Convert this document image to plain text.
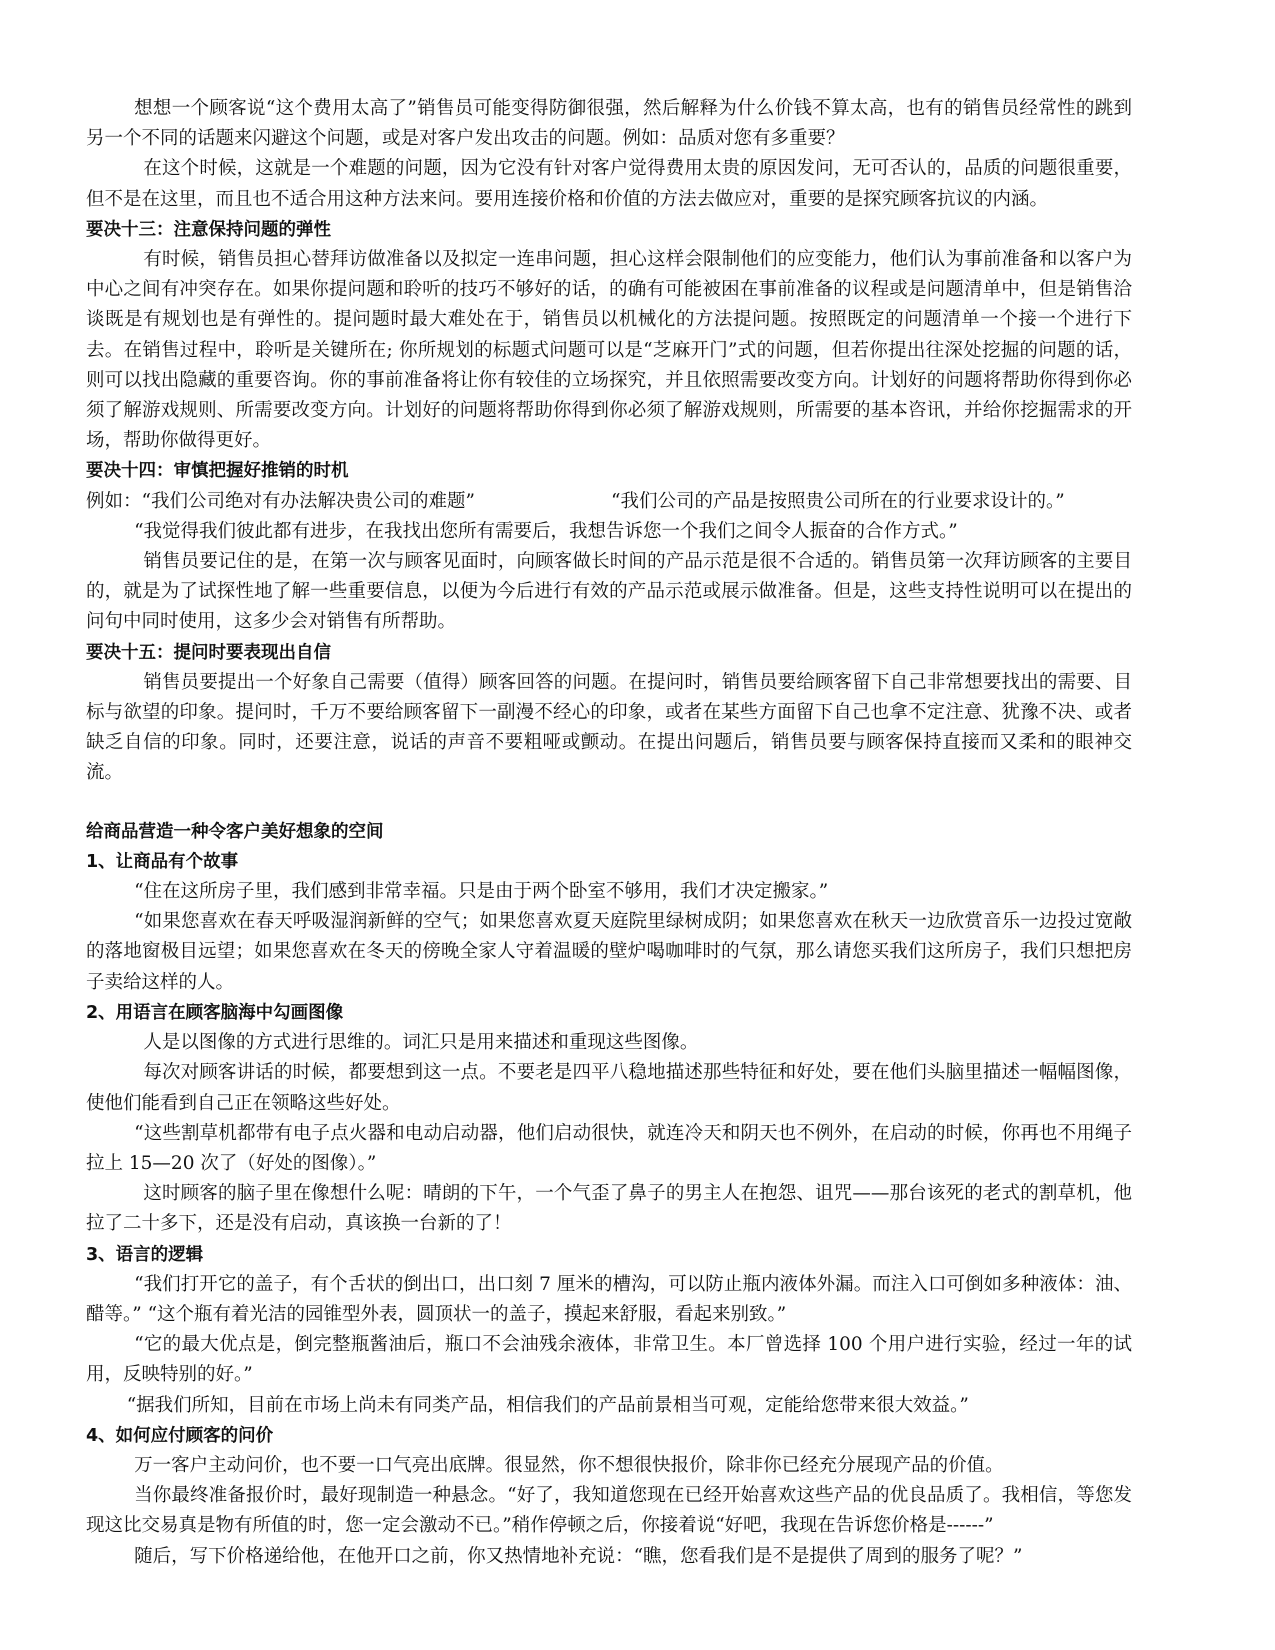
想想一个顾客说“这个费用太高了”销售员可能变得防御很强，然后解释为什么价钱不算太高，也有的销售员经常性的跳到另一个不同的话题来闪避这个问题，或是对客户发出攻击的问题。例如：品质对您有多重要？

在这个时候，这就是一个难题的问题，因为它没有针对客户觉得费用太贵的原因发问，无可否认的，品质的问题很重要，但不是在这里，而且也不适合用这种方法来问。要用连接价格和价值的方法去做应对，重要的是探究顾客抗议的内涵。

要决十三：注意保持问题的弹性

有时候，销售员担心替拜访做准备以及拟定一连串问题，担心这样会限制他们的应变能力，他们认为事前准备和以客户为中心之间有冲突存在。如果你提问题和聆听的技巧不够好的话，的确有可能被困在事前准备的议程或是问题清单中，但是销售洽谈既是有规划也是有弹性的。提问题时最大难处在于，销售员以机械化的方法提问题。按照既定的问题清单一个接一个进行下去。在销售过程中，聆听是关键所在; 你所规划的标题式问题可以是“芝麻开门”式的问题，但若你提出往深处挖掘的问题的话，则可以找出隐藏的重要咨询。你的事前准备将让你有较佳的立场探究，并且依照需要改变方向。计划好的问题将帮助你得到你必须了解游戏规则、所需要改变方向。计划好的问题将帮助你得到你必须了解游戏规则，所需要的基本咨讯，并给你挖掘需求的开场，帮助你做得更好。

要决十四：审慎把握好推销的时机

例如：“我们公司绝对有办法解决贵公司的难题”	“我们公司的产品是按照贵公司所在的行业要求设计的。”

“我觉得我们彼此都有进步，在我找出您所有需要后，我想告诉您一个我们之间令人振奋的合作方式。”

销售员要记住的是，在第一次与顾客见面时，向顾客做长时间的产品示范是很不合适的。销售员第一次拜访顾客的主要目的，就是为了试探性地了解一些重要信息，以便为今后进行有效的产品示范或展示做准备。但是，这些支持性说明可以在提出的问句中同时使用，这多少会对销售有所帮助。

要决十五：提问时要表现出自信

销售员要提出一个好象自己需要（值得）顾客回答的问题。在提问时，销售员要给顾客留下自己非常想要找出的需要、目标与欲望的印象。提问时，千万不要给顾客留下一副漫不经心的印象，或者在某些方面留下自己也拿不定注意、犹豫不决、或者缺乏自信的印象。同时，还要注意，说话的声音不要粗哑或颤动。在提出问题后，销售员要与顾客保持直接而又柔和的眼神交流。

给商品营造一种令客户美好想象的空间

1、让商品有个故事

“住在这所房子里，我们感到非常幸福。只是由于两个卧室不够用，我们才决定搬家。”

“如果您喜欢在春天呼吸湿润新鲜的空气；如果您喜欢夏天庭院里绿树成阴；如果您喜欢在秋天一边欣赏音乐一边投过宽敞的落地窗极目远望；如果您喜欢在冬天的傍晚全家人守着温暖的壁炉喝咖啡时的气氛，那么请您买我们这所房子，我们只想把房子卖给这样的人。

2、用语言在顾客脑海中勾画图像

人是以图像的方式进行思维的。词汇只是用来描述和重现这些图像。

每次对顾客讲话的时候，都要想到这一点。不要老是四平八稳地描述那些特征和好处，要在他们头脑里描述一幅幅图像，使他们能看到自己正在领略这些好处。

“这些割草机都带有电子点火器和电动启动器，他们启动很快，就连冷天和阴天也不例外，在启动的时候，你再也不用绳子拉上 15—20 次了（好处的图像）。”

这时顾客的脑子里在像想什么呢：晴朗的下午，一个气歪了鼻子的男主人在抱怨、诅咒——那台该死的老式的割草机，他拉了二十多下，还是没有启动，真该换一台新的了！

3、语言的逻辑

“我们打开它的盖子，有个舌状的倒出口，出口刻 7 厘米的槽沟，可以防止瓶内液体外漏。而注入口可倒如多种液体：油、醋等。” “这个瓶有着光洁的园锥型外表，圆顶状一的盖子，摸起来舒服，看起来别致。”

“它的最大优点是，倒完整瓶酱油后，瓶口不会油残余液体，非常卫生。本厂曾选择 100 个用户进行实验，经过一年的试用，反映特别的好。”

“据我们所知，目前在市场上尚未有同类产品，相信我们的产品前景相当可观，定能给您带来很大效益。”

4、如何应付顾客的问价

万一客户主动问价，也不要一口气亮出底牌。很显然，你不想很快报价，除非你已经充分展现产品的价值。

当你最终准备报价时，最好现制造一种悬念。“好了，我知道您现在已经开始喜欢这些产品的优良品质了。我相信，等您发现这比交易真是物有所值的时，您一定会激动不已。”稍作停顿之后，你接着说“好吧，我现在告诉您价格是------”

随后，写下价格递给他，在他开口之前，你又热情地补充说：“瞧，您看我们是不是提供了周到的服务了呢？”
